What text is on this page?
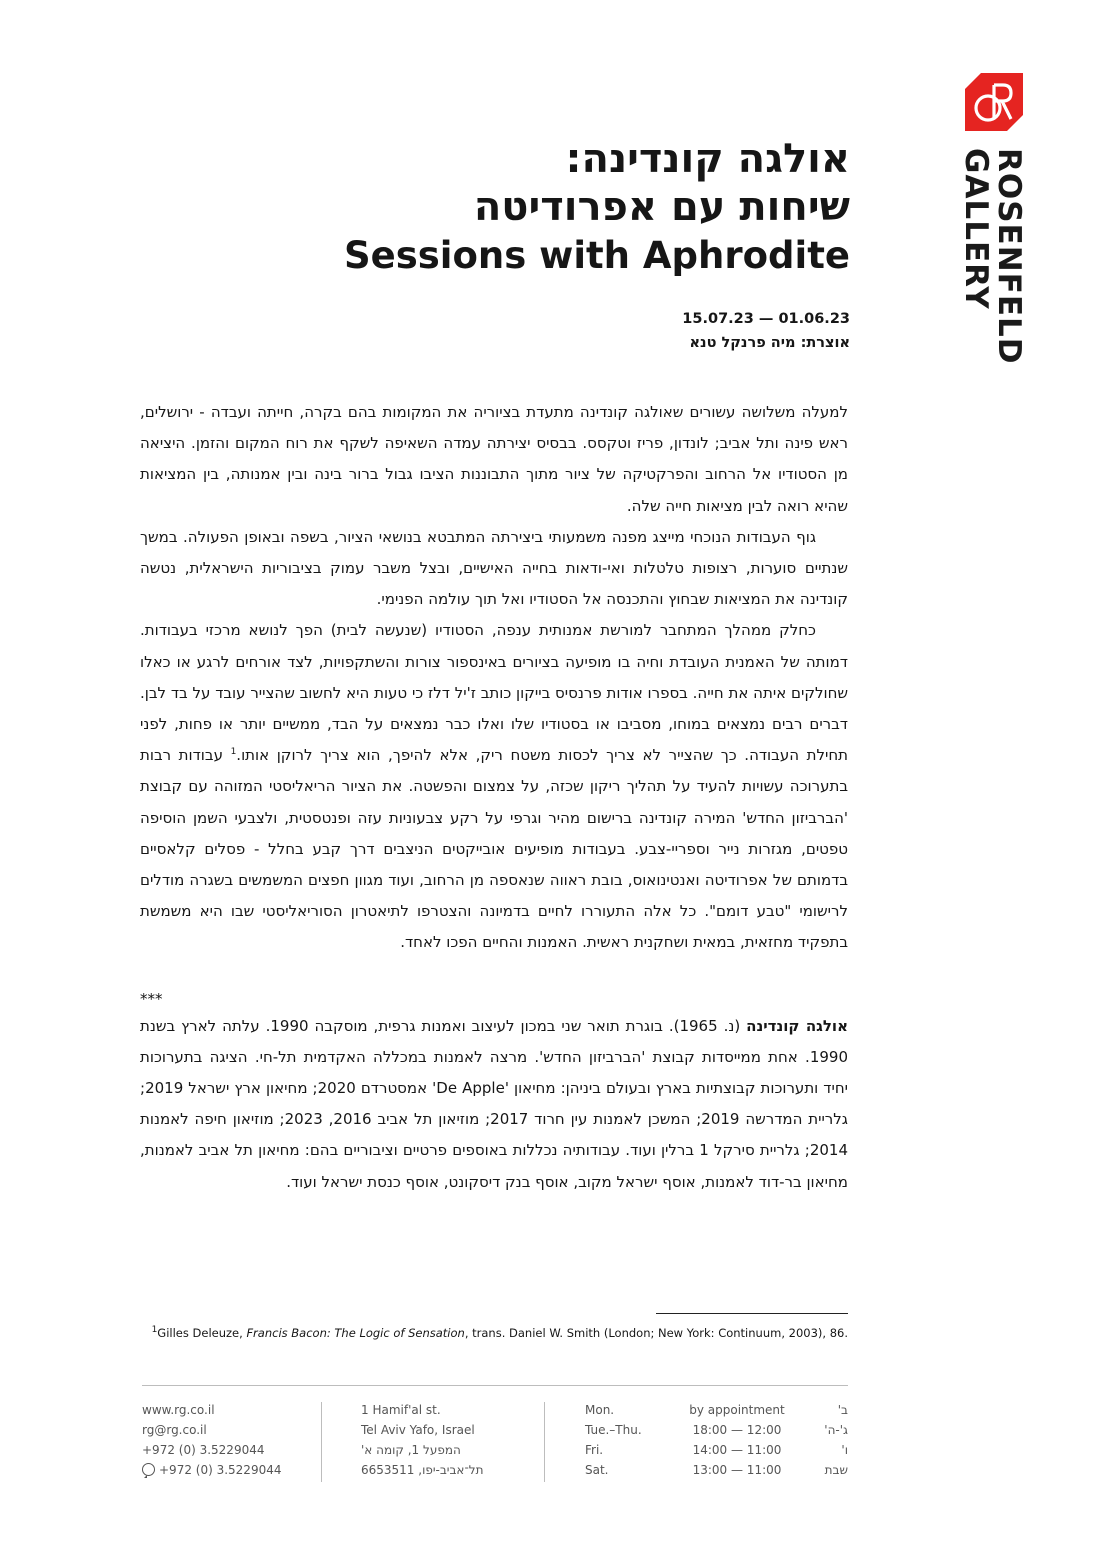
ROSENFELD
GALLERY
אולגה קונדינה:
שיחות עם אפרודיטה
Sessions with Aphrodite
15.07.23 — 01.06.23
אוצרת: מיה פרנקל טנא

למעלה משלושה עשורים שאולגה קונדינה מתעדת בציוריה את המקומות בהם בקרה, חייתה ועבדה - ירושלים, ראש פינה ותל אביב; לונדון, פריז וטקסס. בבסיס יצירתה עמדה השאיפה לשקף את רוח המקום והזמן. היציאה מן הסטודיו אל הרחוב והפרקטיקה של ציור מתוך התבוננות הציבו גבול ברור בינה ובין אמנותה, בין המציאות שהיא רואה לבין מציאות חייה שלה.

גוף העבודות הנוכחי מייצג מפנה משמעותי ביצירתה המתבטא בנושאי הציור, בשפה ובאופן הפעולה. במשך שנתיים סוערות, רצופות טלטלות ואי-ודאות בחייה האישיים, ובצל משבר עמוק בציבוריות הישראלית, נטשה קונדינה את המציאות שבחוץ והתכנסה אל הסטודיו ואל תוך עולמה הפנימי.

כחלק ממהלך המתחבר למורשת אמנותית ענפה, הסטודיו (שנעשה לבית) הפך לנושא מרכזי בעבודות. דמותה של האמנית העובדת וחיה בו מופיעה בציורים באינספור צורות והשתקפויות, לצד אורחים לרגע או כאלו שחולקים איתה את חייה. בספרו אודות פרנסיס בייקון כותב ז'יל דלז כי טעות היא לחשוב שהצייר עובד על בד לבן. דברים רבים נמצאים במוחו, מסביבו או בסטודיו שלו ואלו כבר נמצאים על הבד, ממשיים יותר או פחות, לפני תחילת העבודה. כך שהצייר לא צריך לכסות משטח ריק, אלא להיפך, הוא צריך לרוקן אותו.$^1$ עבודות רבות בתערוכה עשויות להעיד על תהליך ריקון שכזה, על צמצום והפשטה. את הציור הריאליסטי המזוהה עם קבוצת 'הברביזון החדש' המירה קונדינה ברישום מהיר וגרפי על רקע צבעוניות עזה ופנטסטית, ולצבעי השמן הוסיפה טפטים, מגזרות נייר וספריי-צבע. בעבודות מופיעים אובייקטים הניצבים דרך קבע בחלל - פסלים קלאסיים בדמותם של אפרודיטה ואנטינואוס, בובת ראווה שנאספה מן הרחוב, ועוד מגוון חפצים המשמשים בשגרה מודלים לרישומי "טבע דומם". כל אלה התעוררו לחיים בדמיונה והצטרפו לתיאטרון הסוריאליסטי שבו היא משמשת בתפקיד מחזאית, במאית ושחקנית ראשית. האמנות והחיים הפכו לאחד.

***

אולגה קונדינה (נ. 1965). בוגרת תואר שני במכון לעיצוב ואמנות גרפית, מוסקבה 1990. עלתה לארץ בשנת 1990. אחת ממייסדות קבוצת 'הברביזון החדש'. מרצה לאמנות במכללה האקדמית תל-חי. הציגה בתערוכות יחיד ותערוכות קבוצתיות בארץ ובעולם ביניהן: מחיאון 'De Apple' אמסטרדם 2020; מחיאון ארץ ישראל 2019; גלריית המדרשה 2019; המשכן לאמנות עין חרוד 2017; מוזיאון תל אביב 2016, 2023; מוזיאון חיפה לאמנות 2014; גלריית סירקל 1 ברלין ועוד. עבודותיה נכללות באוספים פרטיים וציבוריים בהם: מחיאון תל אביב לאמנות, מחיאון בר-דוד לאמנות, אוסף ישראל מקוב, אוסף בנק דיסקונט, אוסף כנסת ישראל ועוד.

$^1$Gilles Deleuze, Francis Bacon: The Logic of Sensation, trans. Daniel W. Smith (London; New York: Continuum, 2003), 86.
www.rg.co.il
rg@rg.co.il
+972 (0) 3.5229044
+972 (0) 3.5229044
1 Hamif'al st.
Tel Aviv Yafo, Israel
המפעל 1, קומה א'
תל־אביב-יפו, 6653511
Mon.	by appointment	ב'
Tue.–Thu.	18:00 — 12:00	ג'-ה'
Fri.	14:00 — 11:00	ו'
Sat.	13:00 — 11:00	שבת
